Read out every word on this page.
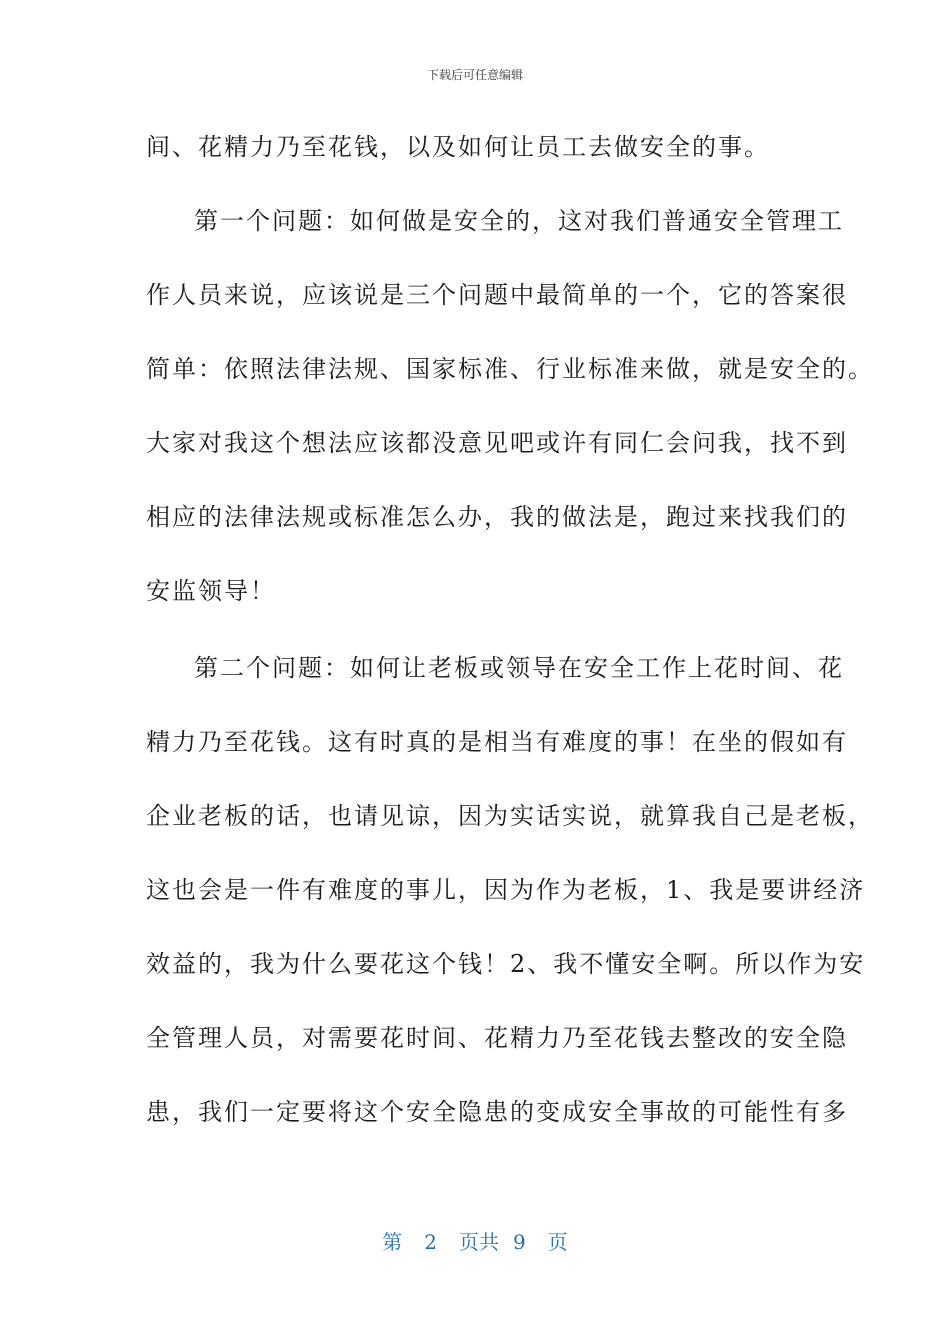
下载后可任意编辑
间、花精力乃至花钱，以及如何让员工去做安全的事。
第一个问题：如何做是安全的，这对我们普通安全管理工
作人员来说，应该说是三个问题中最简单的一个，它的答案很
简单：依照法律法规、国家标准、行业标准来做，就是安全的。
大家对我这个想法应该都没意见吧或许有同仁会问我，找不到
相应的法律法规或标准怎么办，我的做法是，跑过来找我们的
安监领导！
第二个问题：如何让老板或领导在安全工作上花时间、花
精力乃至花钱。这有时真的是相当有难度的事！在坐的假如有
企业老板的话，也请见谅，因为实话实说，就算我自己是老板，
这也会是一件有难度的事儿，因为作为老板，1、我是要讲经济
效益的，我为什么要花这个钱！2、我不懂安全啊。所以作为安
全管理人员，对需要花时间、花精力乃至花钱去整改的安全隐
患，我们一定要将这个安全隐患的变成安全事故的可能性有多
第 2 页共 9 页
